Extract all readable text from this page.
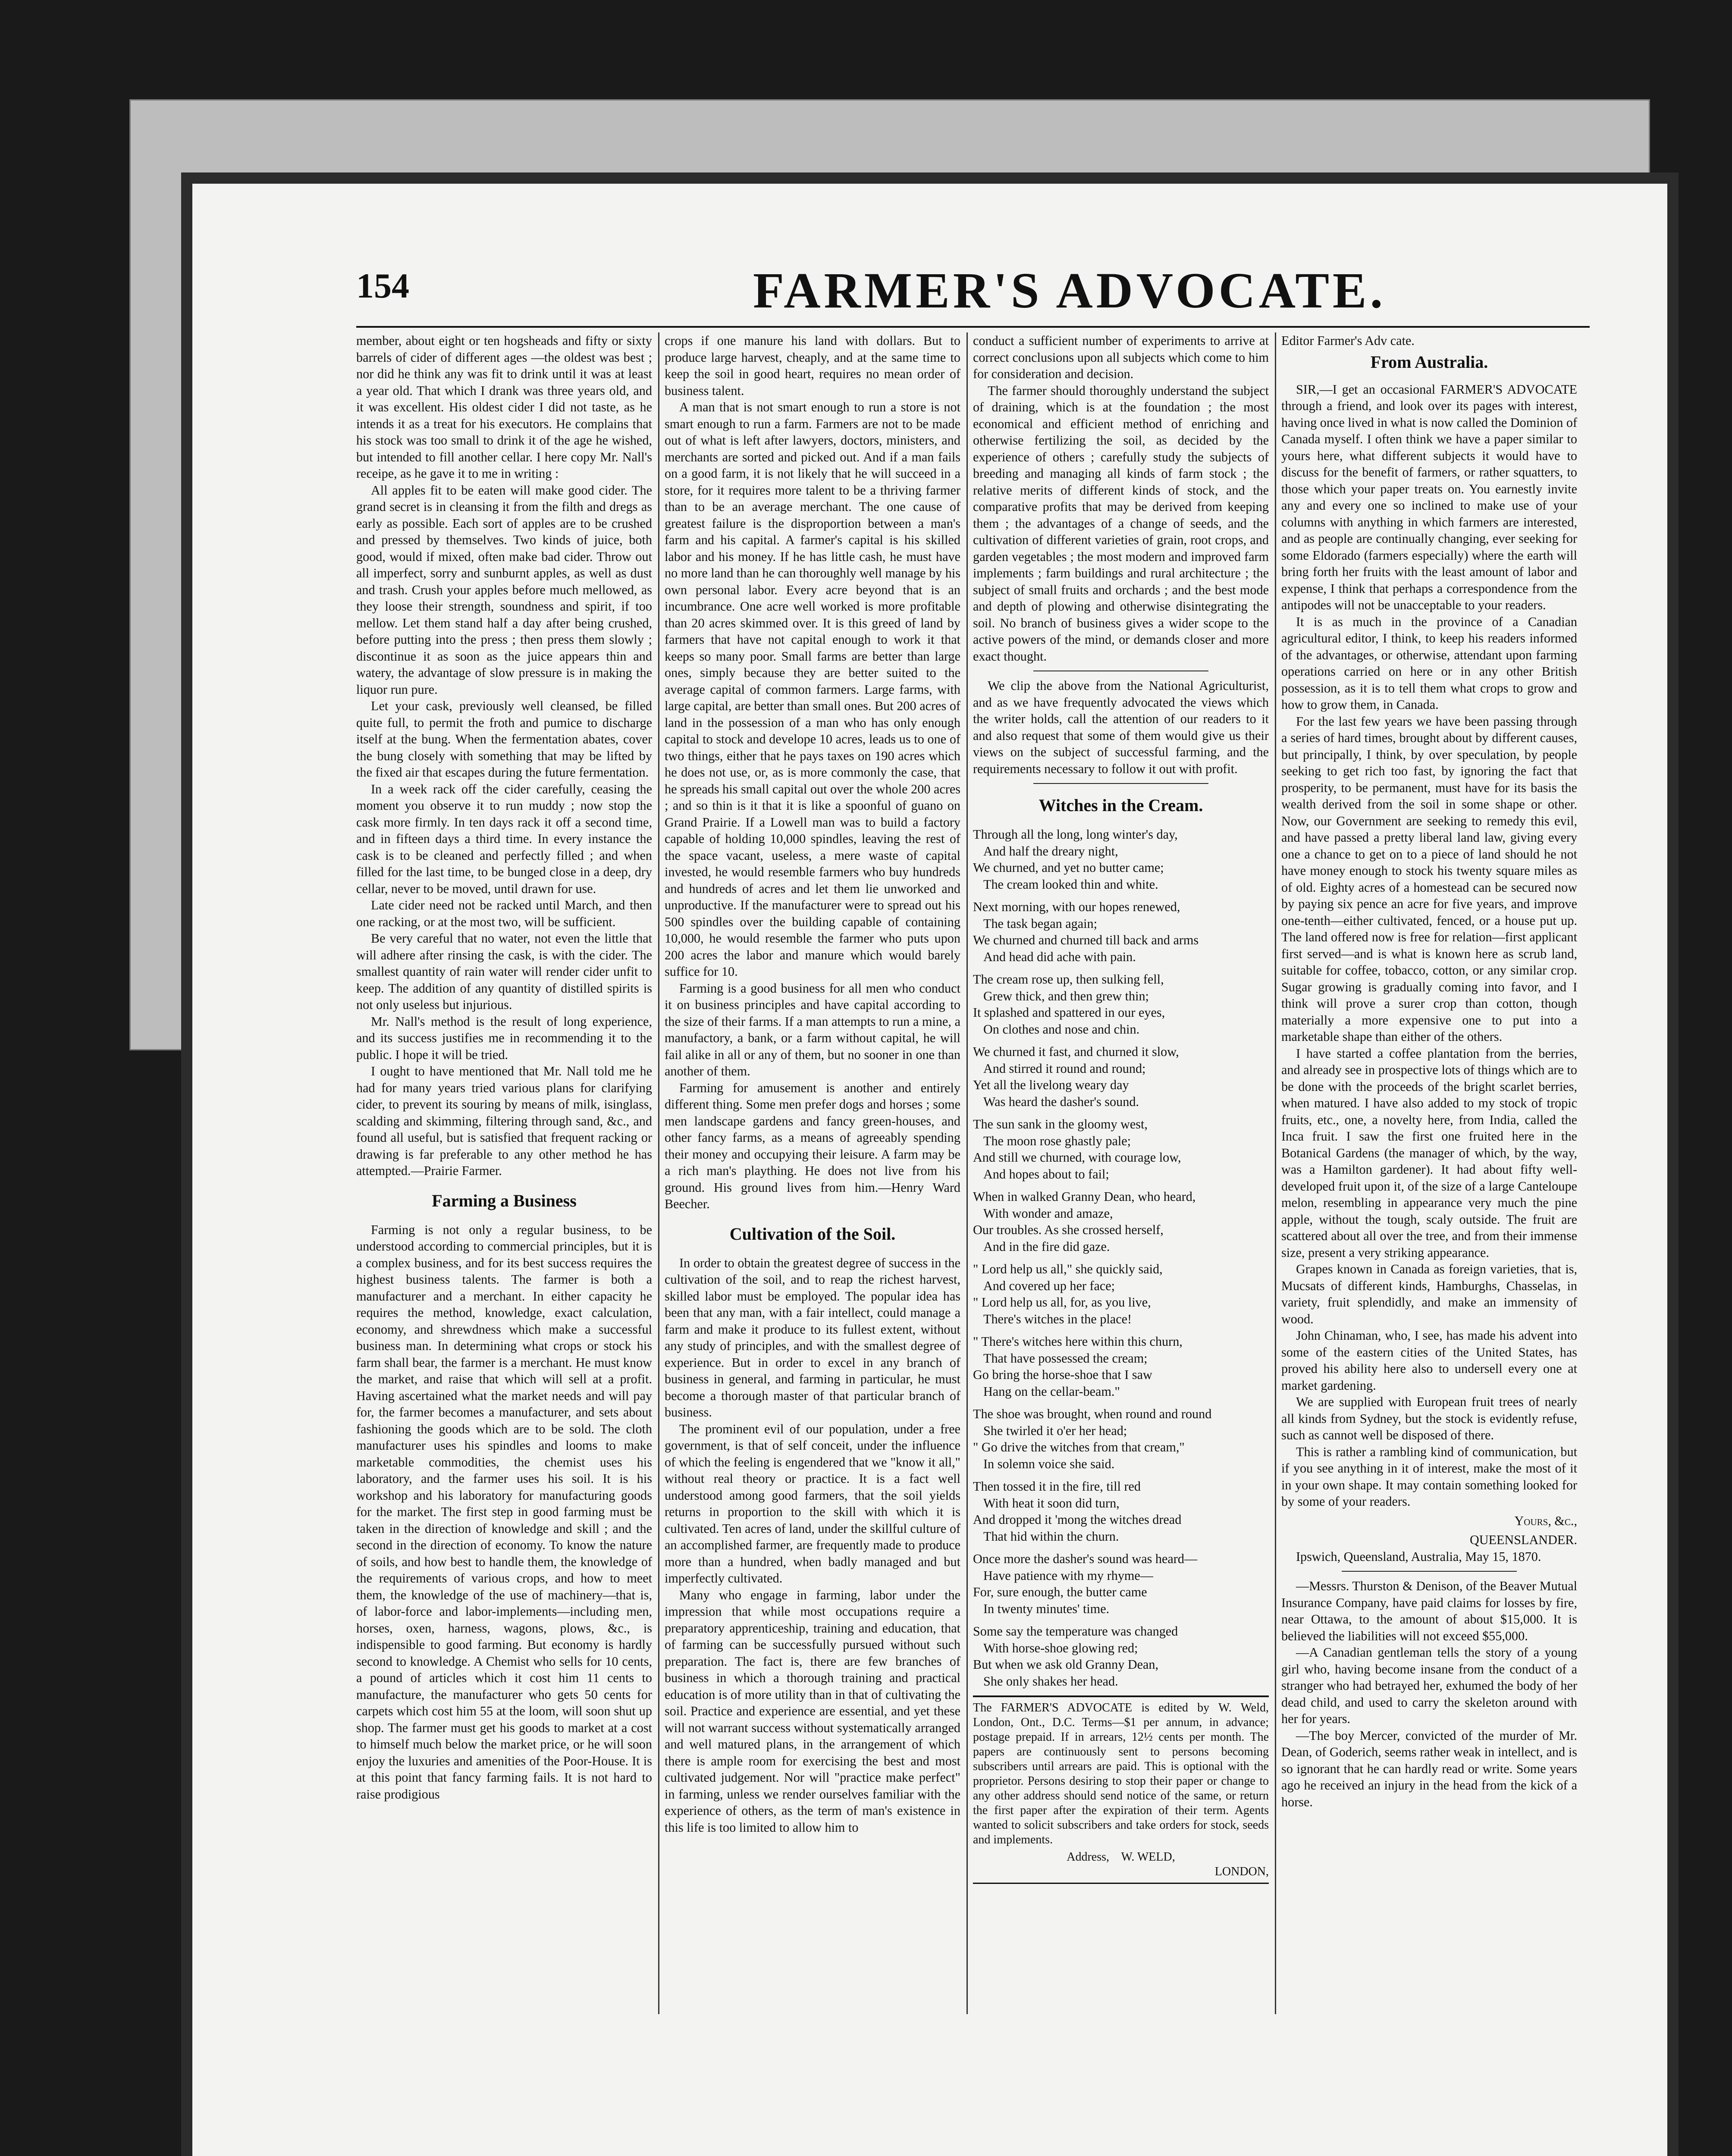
154	FARMER'S ADVOCATE.

member, about eight or ten hogsheads and fifty or sixty barrels of cider of different ages —the oldest was best ; nor did he think any was fit to drink until it was at least a year old. That which I drank was three years old, and it was excellent. His oldest cider I did not taste, as he intends it as a treat for his executors. He complains that his stock was too small to drink it of the age he wished, but intended to fill another cellar. I here copy Mr. Nall's receipe, as he gave it to me in writing :

All apples fit to be eaten will make good cider. The grand secret is in cleansing it from the filth and dregs as early as possible. Each sort of apples are to be crushed and pressed by themselves. Two kinds of juice, both good, would if mixed, often make bad cider. Throw out all imperfect, sorry and sunburnt apples, as well as dust and trash. Crush your apples before much mellowed, as they loose their strength, soundness and spirit, if too mellow. Let them stand half a day after being crushed, before putting into the press ; then press them slowly ; discontinue it as soon as the juice appears thin and watery, the advantage of slow pressure is in making the liquor run pure.

Let your cask, previously well cleansed, be filled quite full, to permit the froth and pumice to discharge itself at the bung. When the fermentation abates, cover the bung closely with something that may be lifted by the fixed air that escapes during the future fermentation.

In a week rack off the cider carefully, ceasing the moment you observe it to run muddy ; now stop the cask more firmly. In ten days rack it off a second time, and in fifteen days a third time. In every instance the cask is to be cleaned and perfectly filled ; and when filled for the last time, to be bunged close in a deep, dry cellar, never to be moved, until drawn for use.

Late cider need not be racked until March, and then one racking, or at the most two, will be sufficient.

Be very careful that no water, not even the little that will adhere after rinsing the cask, is with the cider. The smallest quantity of rain water will render cider unfit to keep. The addition of any quantity of distilled spirits is not only useless but injurious.

Mr. Nall's method is the result of long experience, and its success justifies me in recommending it to the public. I hope it will be tried.

I ought to have mentioned that Mr. Nall told me he had for many years tried various plans for clarifying cider, to prevent its souring by means of milk, isinglass, scalding and skimming, filtering through sand, &c., and found all useful, but is satisfied that frequent racking or drawing is far preferable to any other method he has attempted.—Prairie Farmer.

Farming a Business

Farming is not only a regular business, to be understood according to commercial principles, but it is a complex business, and for its best success requires the highest business talents. The farmer is both a manufacturer and a merchant. In either capacity he requires the method, knowledge, exact calculation, economy, and shrewdness which make a successful business man. In determining what crops or stock his farm shall bear, the farmer is a merchant. He must know the market, and raise that which will sell at a profit. Having ascertained what the market needs and will pay for, the farmer becomes a manufacturer, and sets about fashioning the goods which are to be sold. The cloth manufacturer uses his spindles and looms to make marketable commodities, the chemist uses his laboratory, and the farmer uses his soil. It is his workshop and his laboratory for manufacturing goods for the market. The first step in good farming must be taken in the direction of knowledge and skill ; and the second in the direction of economy. To know the nature of soils, and how best to handle them, the knowledge of the requirements of various crops, and how to meet them, the knowledge of the use of machinery—that is, of labor-force and labor-implements—including men, horses, oxen, harness, wagons, plows, &c., is indispensible to good farming. But economy is hardly second to knowledge. A Chemist who sells for 10 cents, a pound of articles which it cost him 11 cents to manufacture, the manufacturer who gets 50 cents for carpets which cost him 55 at the loom, will soon shut up shop. The farmer must get his goods to market at a cost to himself much below the market price, or he will soon enjoy the luxuries and amenities of the Poor-House. It is at this point that fancy farming fails. It is not hard to raise prodigious

crops if one manure his land with dollars. But to produce large harvest, cheaply, and at the same time to keep the soil in good heart, requires no mean order of business talent.

A man that is not smart enough to run a store is not smart enough to run a farm. Farmers are not to be made out of what is left after lawyers, doctors, ministers, and merchants are sorted and picked out. And if a man fails on a good farm, it is not likely that he will succeed in a store, for it requires more talent to be a thriving farmer than to be an average merchant. The one cause of greatest failure is the disproportion between a man's farm and his capital. A farmer's capital is his skilled labor and his money. If he has little cash, he must have no more land than he can thoroughly well manage by his own personal labor. Every acre beyond that is an incumbrance. One acre well worked is more profitable than 20 acres skimmed over. It is this greed of land by farmers that have not capital enough to work it that keeps so many poor. Small farms are better than large ones, simply because they are better suited to the average capital of common farmers. Large farms, with large capital, are better than small ones. But 200 acres of land in the possession of a man who has only enough capital to stock and develope 10 acres, leads us to one of two things, either that he pays taxes on 190 acres which he does not use, or, as is more commonly the case, that he spreads his small capital out over the whole 200 acres ; and so thin is it that it is like a spoonful of guano on Grand Prairie. If a Lowell man was to build a factory capable of holding 10,000 spindles, leaving the rest of the space vacant, useless, a mere waste of capital invested, he would resemble farmers who buy hundreds and hundreds of acres and let them lie unworked and unproductive. If the manufacturer were to spread out his 500 spindles over the building capable of containing 10,000, he would resemble the farmer who puts upon 200 acres the labor and manure which would barely suffice for 10.

Farming is a good business for all men who conduct it on business principles and have capital according to the size of their farms. If a man attempts to run a mine, a manufactory, a bank, or a farm without capital, he will fail alike in all or any of them, but no sooner in one than another of them.

Farming for amusement is another and entirely different thing. Some men prefer dogs and horses ; some men landscape gardens and fancy green-houses, and other fancy farms, as a means of agreeably spending their money and occupying their leisure. A farm may be a rich man's plaything. He does not live from his ground. His ground lives from him.—Henry Ward Beecher.

Cultivation of the Soil.

In order to obtain the greatest degree of success in the cultivation of the soil, and to reap the richest harvest, skilled labor must be employed. The popular idea has been that any man, with a fair intellect, could manage a farm and make it produce to its fullest extent, without any study of principles, and with the smallest degree of experience. But in order to excel in any branch of business in general, and farming in particular, he must become a thorough master of that particular branch of business.

The prominent evil of our population, under a free government, is that of self conceit, under the influence of which the feeling is engendered that we "know it all," without real theory or practice. It is a fact well understood among good farmers, that the soil yields returns in proportion to the skill with which it is cultivated. Ten acres of land, under the skillful culture of an accomplished farmer, are frequently made to produce more than a hundred, when badly managed and but imperfectly cultivated.

Many who engage in farming, labor under the impression that while most occupations require a preparatory apprenticeship, training and education, that of farming can be successfully pursued without such preparation. The fact is, there are few branches of business in which a thorough training and practical education is of more utility than in that of cultivating the soil. Practice and experience are essential, and yet these will not warrant success without systematically arranged and well matured plans, in the arrangement of which there is ample room for exercising the best and most cultivated judgement. Nor will "practice make perfect" in farming, unless we render ourselves familiar with the experience of others, as the term of man's existence in this life is too limited to allow him to

conduct a sufficient number of experiments to arrive at correct conclusions upon all subjects which come to him for consideration and decision.

The farmer should thoroughly understand the subject of draining, which is at the foundation ; the most economical and efficient method of enriching and otherwise fertilizing the soil, as decided by the experience of others ; carefully study the subjects of breeding and managing all kinds of farm stock ; the relative merits of different kinds of stock, and the comparative profits that may be derived from keeping them ; the advantages of a change of seeds, and the cultivation of different varieties of grain, root crops, and garden vegetables ; the most modern and improved farm implements ; farm buildings and rural architecture ; the subject of small fruits and orchards ; and the best mode and depth of plowing and otherwise disintegrating the soil. No branch of business gives a wider scope to the active powers of the mind, or demands closer and more exact thought.

We clip the above from the National Agriculturist, and as we have frequently advocated the views which the writer holds, call the attention of our readers to it and also request that some of them would give us their views on the subject of successful farming, and the requirements necessary to follow it out with profit.

Witches in the Cream.

Through all the long, long winter's day,

And half the dreary night,

We churned, and yet no butter came;

The cream looked thin and white.

Next morning, with our hopes renewed,

The task began again;

We churned and churned till back and arms

And head did ache with pain.

The cream rose up, then sulking fell,

Grew thick, and then grew thin;

It splashed and spattered in our eyes,

On clothes and nose and chin.

We churned it fast, and churned it slow,

And stirred it round and round;

Yet all the livelong weary day

Was heard the dasher's sound.

The sun sank in the gloomy west,

The moon rose ghastly pale;

And still we churned, with courage low,

And hopes about to fail;

When in walked Granny Dean, who heard,

With wonder and amaze,

Our troubles. As she crossed herself,

And in the fire did gaze.

" Lord help us all," she quickly said,

And covered up her face;

" Lord help us all, for, as you live,

There's witches in the place!

" There's witches here within this churn,

That have possessed the cream;

Go bring the horse-shoe that I saw

Hang on the cellar-beam."

The shoe was brought, when round and round

She twirled it o'er her head;

" Go drive the witches from that cream,"

In solemn voice she said.

Then tossed it in the fire, till red

With heat it soon did turn,

And dropped it 'mong the witches dread

That hid within the churn.

Once more the dasher's sound was heard—

Have patience with my rhyme—

For, sure enough, the butter came

In twenty minutes' time.

Some say the temperature was changed

With horse-shoe glowing red;

But when we ask old Granny Dean,

She only shakes her head.

The FARMER'S ADVOCATE is edited by W. Weld, London, Ont., D.C. Terms—$1 per annum, in advance; postage prepaid. If in arrears, 12½ cents per month. The papers are continuously sent to persons becoming subscribers until arrears are paid. This is optional with the proprietor. Persons desiring to stop their paper or change to any other address should send notice of the same, or return the first paper after the expiration of their term. Agents wanted to solicit subscribers and take orders for stock, seeds and implements.
Address, W. WELD,
LONDON,

Editor Farmer's Adv cate.

From Australia.

SIR,—I get an occasional FARMER'S ADVOCATE through a friend, and look over its pages with interest, having once lived in what is now called the Dominion of Canada myself. I often think we have a paper similar to yours here, what different subjects it would have to discuss for the benefit of farmers, or rather squatters, to those which your paper treats on. You earnestly invite any and every one so inclined to make use of your columns with anything in which farmers are interested, and as people are continually changing, ever seeking for some Eldorado (farmers especially) where the earth will bring forth her fruits with the least amount of labor and expense, I think that perhaps a correspondence from the antipodes will not be unacceptable to your readers.

It is as much in the province of a Canadian agricultural editor, I think, to keep his readers informed of the advantages, or otherwise, attendant upon farming operations carried on here or in any other British possession, as it is to tell them what crops to grow and how to grow them, in Canada.

For the last few years we have been passing through a series of hard times, brought about by different causes, but principally, I think, by over speculation, by people seeking to get rich too fast, by ignoring the fact that prosperity, to be permanent, must have for its basis the wealth derived from the soil in some shape or other. Now, our Government are seeking to remedy this evil, and have passed a pretty liberal land law, giving every one a chance to get on to a piece of land should he not have money enough to stock his twenty square miles as of old. Eighty acres of a homestead can be secured now by paying six pence an acre for five years, and improve one-tenth—either cultivated, fenced, or a house put up. The land offered now is free for relation—first applicant first served—and is what is known here as scrub land, suitable for coffee, tobacco, cotton, or any similar crop. Sugar growing is gradually coming into favor, and I think will prove a surer crop than cotton, though materially a more expensive one to put into a marketable shape than either of the others.

I have started a coffee plantation from the berries, and already see in prospective lots of things which are to be done with the proceeds of the bright scarlet berries, when matured. I have also added to my stock of tropic fruits, etc., one, a novelty here, from India, called the Inca fruit. I saw the first one fruited here in the Botanical Gardens (the manager of which, by the way, was a Hamilton gardener). It had about fifty well-developed fruit upon it, of the size of a large Canteloupe melon, resembling in appearance very much the pine apple, without the tough, scaly outside. The fruit are scattered about all over the tree, and from their immense size, present a very striking appearance.

Grapes known in Canada as foreign varieties, that is, Mucsats of different kinds, Hamburghs, Chasselas, in variety, fruit splendidly, and make an immensity of wood.

John Chinaman, who, I see, has made his advent into some of the eastern cities of the United States, has proved his ability here also to undersell every one at market gardening.

We are supplied with European fruit trees of nearly all kinds from Sydney, but the stock is evidently refuse, such as cannot well be disposed of there.

This is rather a rambling kind of communication, but if you see anything in it of interest, make the most of it in your own shape. It may contain something looked for by some of your readers.

Yours, &c.,
QUEENSLANDER.

Ipswich, Queensland, Australia, May 15, 1870.

—Messrs. Thurston & Denison, of the Beaver Mutual Insurance Company, have paid claims for losses by fire, near Ottawa, to the amount of about $15,000. It is believed the liabilities will not exceed $55,000.

—A Canadian gentleman tells the story of a young girl who, having become insane from the conduct of a stranger who had betrayed her, exhumed the body of her dead child, and used to carry the skeleton around with her for years.

—The boy Mercer, convicted of the murder of Mr. Dean, of Goderich, seems rather weak in intellect, and is so ignorant that he can hardly read or write. Some years ago he received an injury in the head from the kick of a horse.
